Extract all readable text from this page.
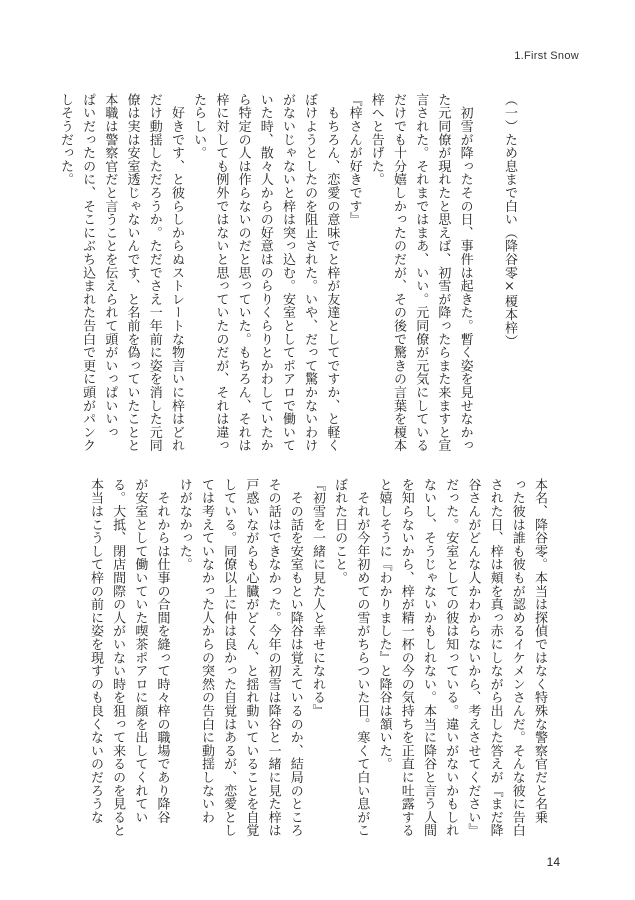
1.First Snow
（一）ため息まで白い（降谷零×榎本梓）

　初雪が降ったその日、事件は起きた。暫く姿を見せなかっ
た元同僚が現れたと思えば、初雪が降ったらまた来ますと宣
言された。それまではまあ、いい。元同僚が元気にしている
だけでも十分嬉しかったのだが、その後で驚きの言葉を榎本
梓へと告げた。
『梓さんが好きです』
　もちろん、恋愛の意味でと梓が友達としてですか、と軽く
ぼけようとしたのを阻止された。いや、だって驚かないわけ
がないじゃないと梓は突っ込む。安室としてポアロで働いて
いた時、散々人からの好意はのらりくらりとかわしていたか
ら特定の人は作らないのだと思っていた。もちろん、それは
梓に対しても例外ではないと思っていたのだが、それは違っ
たらしい。
　好きです、と彼らしからぬストレートな物言いに梓はどれ
だけ動揺しただろうか。ただでさえ一年前に姿を消した元同
僚は実は安室透じゃないんです、と名前を偽っていたことと
本職は警察官だと言うことを伝えられて頭がいっぱいいっ
ぱいだったのに、そこにぶち込まれた告白で更に頭がパンク
しそうだった。
本名、降谷零。本当は探偵ではなく特殊な警察官だと名乗
った彼は誰も彼もが認めるイケメンさんだ。そんな彼に告白
された日、梓は頬を真っ赤にしながら出した答えが『まだ降
谷さんがどんな人かわからないから、考えさせてください』
だった。安室としての彼は知っている。違いがないかもしれ
ないし、そうじゃないかもしれない。本当に降谷と言う人間
を知らないから、梓が精一杯の今の気持ちを正直に吐露する
と嬉しそうに『わかりました』と降谷は頷いた。
　それが今年初めての雪がちらついた日。寒くて白い息がこ
ぼれた日のこと。
『初雪を一緒に見た人と幸せになれる』
　その話を安室もとい降谷は覚えているのか、結局のところ
その話はできなかった。今年の初雪は降谷と一緒に見た梓は
戸惑いながらも心臓がどくん、と揺れ動いていることを自覚
している。同僚以上に仲は良かった自覚はあるが、恋愛とし
ては考えていなかった人からの突然の告白に動揺しないわ
けがなかった。
　それからは仕事の合間を縫って時々梓の職場であり降谷
が安室として働いていた喫茶ポアロに顔を出してくれてい
る。大抵、閉店間際の人がいない時を狙って来るのを見ると
本当はこうして梓の前に姿を現すのも良くないのだろうな
14
